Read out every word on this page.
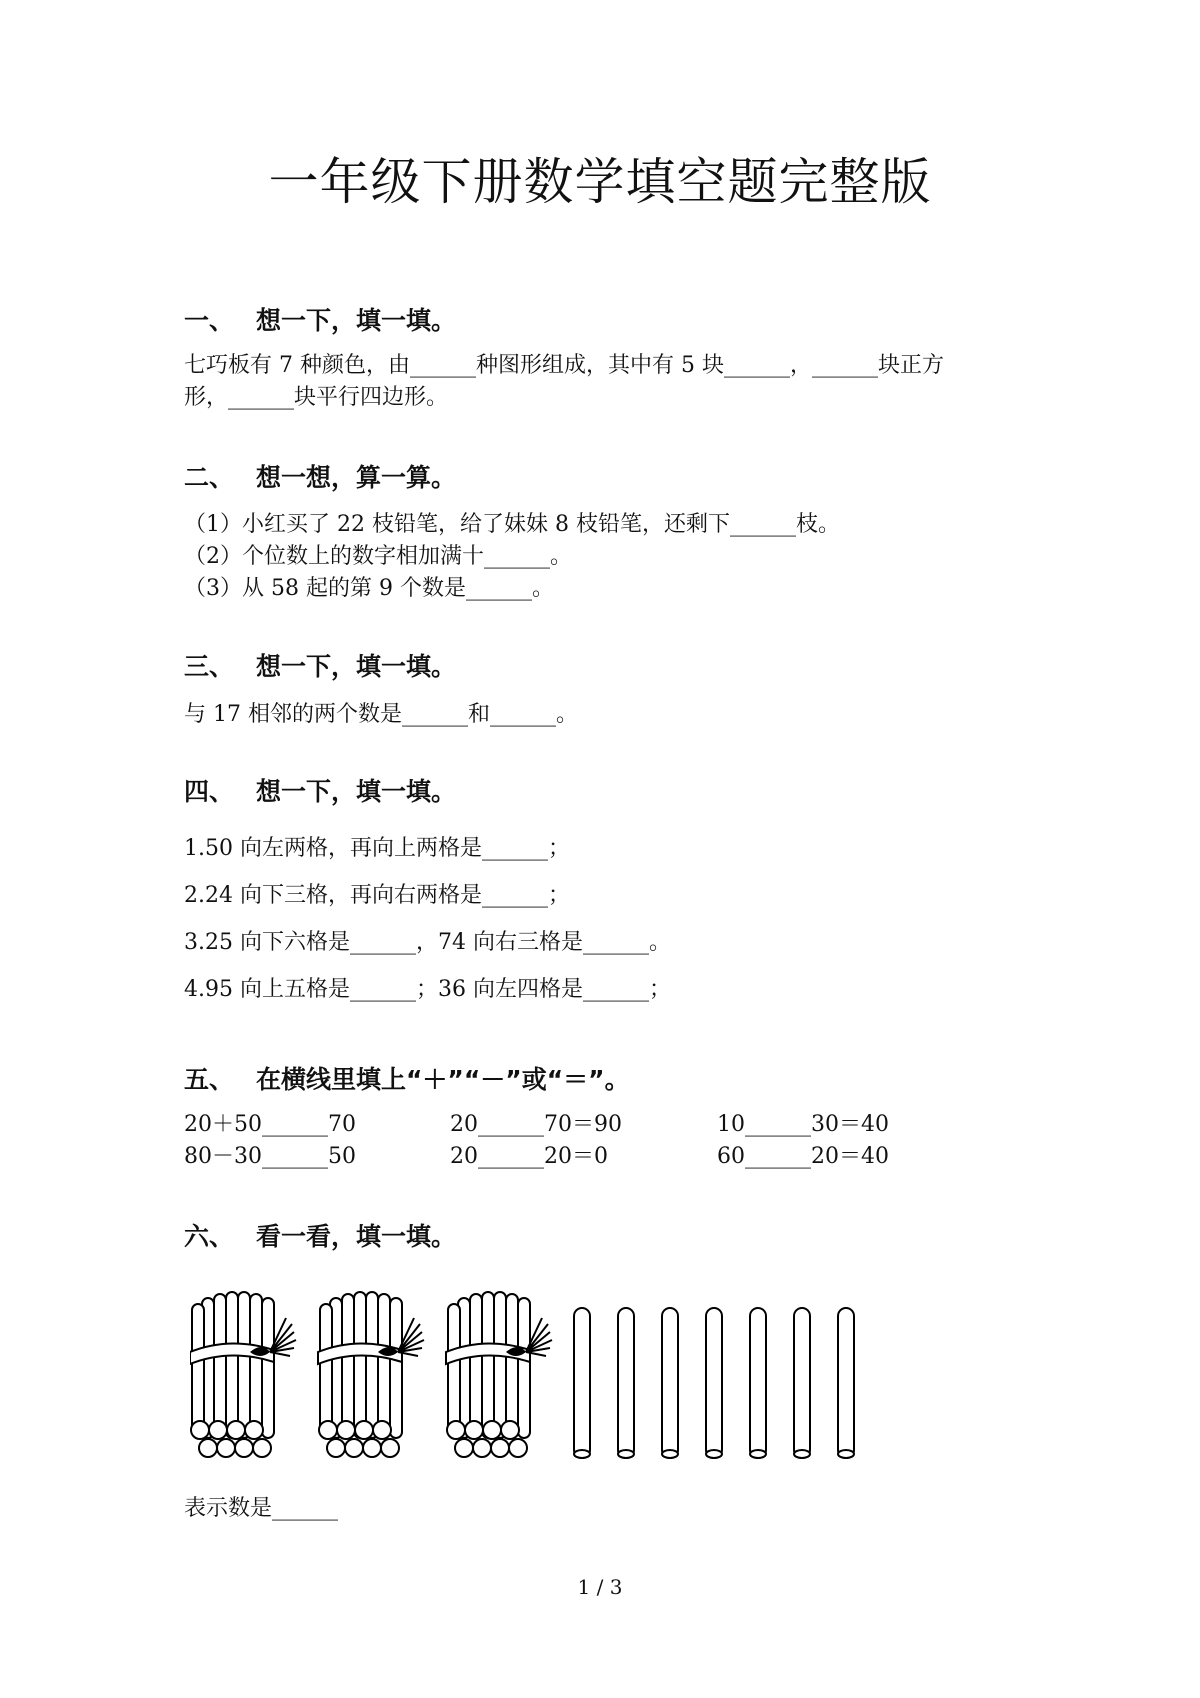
一年级下册数学填空题完整版
一、 想一下，填一填。
七巧板有 7 种颜色，由______种图形组成，其中有 5 块______，______块正方
形，______块平行四边形。
二、 想一想，算一算。
（1）小红买了 22 枝铅笔，给了妹妹 8 枝铅笔，还剩下______枝。
（2）个位数上的数字相加满十______。
（3）从 58 起的第 9 个数是______。
三、 想一下，填一填。
与 17 相邻的两个数是______和______。
四、 想一下，填一填。
1.50 向左两格，再向上两格是______；
2.24 向下三格，再向右两格是______；
3.25 向下六格是______，74 向右三格是______。
4.95 向上五格是______；36 向左四格是______；
五、 在横线里填上“＋”“－”或“＝”。
20＋50______70	20______70＝90	10______30＝40
80－30______50	20______20＝0	60______20＝40
六、 看一看，填一填。
表示数是______
1 / 3
